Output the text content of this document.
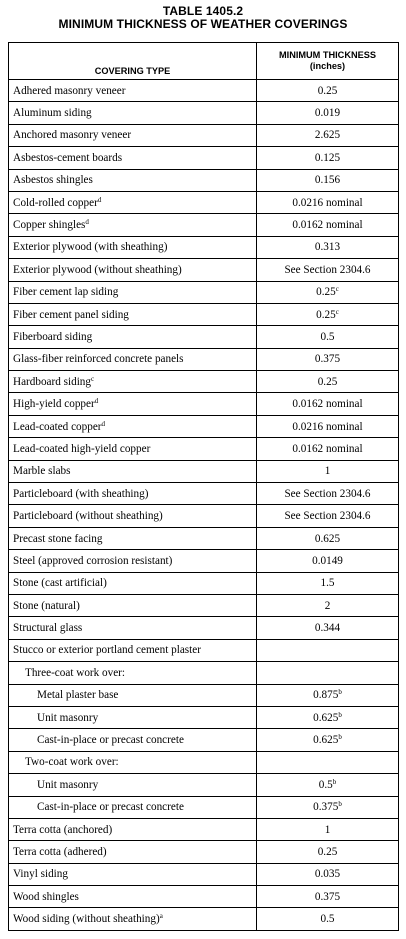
TABLE 1405.2
MINIMUM THICKNESS OF WEATHER COVERINGS
COVERING TYPE	MINIMUM THICKNESS
(inches)

Adhered masonry veneer	0.25
Aluminum siding	0.019
Anchored masonry veneer	2.625
Asbestos-cement boards	0.125
Asbestos shingles	0.156
Cold-rolled copper$^d$	0.0216 nominal
Copper shingles$^d$	0.0162 nominal
Exterior plywood (with sheathing)	0.313
Exterior plywood (without sheathing)	See Section 2304.6
Fiber cement lap siding	0.25$^c$
Fiber cement panel siding	0.25$^c$
Fiberboard siding	0.5
Glass-fiber reinforced concrete panels	0.375
Hardboard siding$^c$	0.25
High-yield copper$^d$	0.0162 nominal
Lead-coated copper$^d$	0.0216 nominal
Lead-coated high-yield copper	0.0162 nominal
Marble slabs	1
Particleboard (with sheathing)	See Section 2304.6
Particleboard (without sheathing)	See Section 2304.6
Precast stone facing	0.625
Steel (approved corrosion resistant)	0.0149
Stone (cast artificial)	1.5
Stone (natural)	2
Structural glass	0.344
Stucco or exterior portland cement plaster	
Three-coat work over:	
Metal plaster base	0.875$^b$
Unit masonry	0.625$^b$
Cast-in-place or precast concrete	0.625$^b$
Two-coat work over:	
Unit masonry	0.5$^b$
Cast-in-place or precast concrete	0.375$^b$
Terra cotta (anchored)	1
Terra cotta (adhered)	0.25
Vinyl siding	0.035
Wood shingles	0.375
Wood siding (without sheathing)$^a$	0.5
